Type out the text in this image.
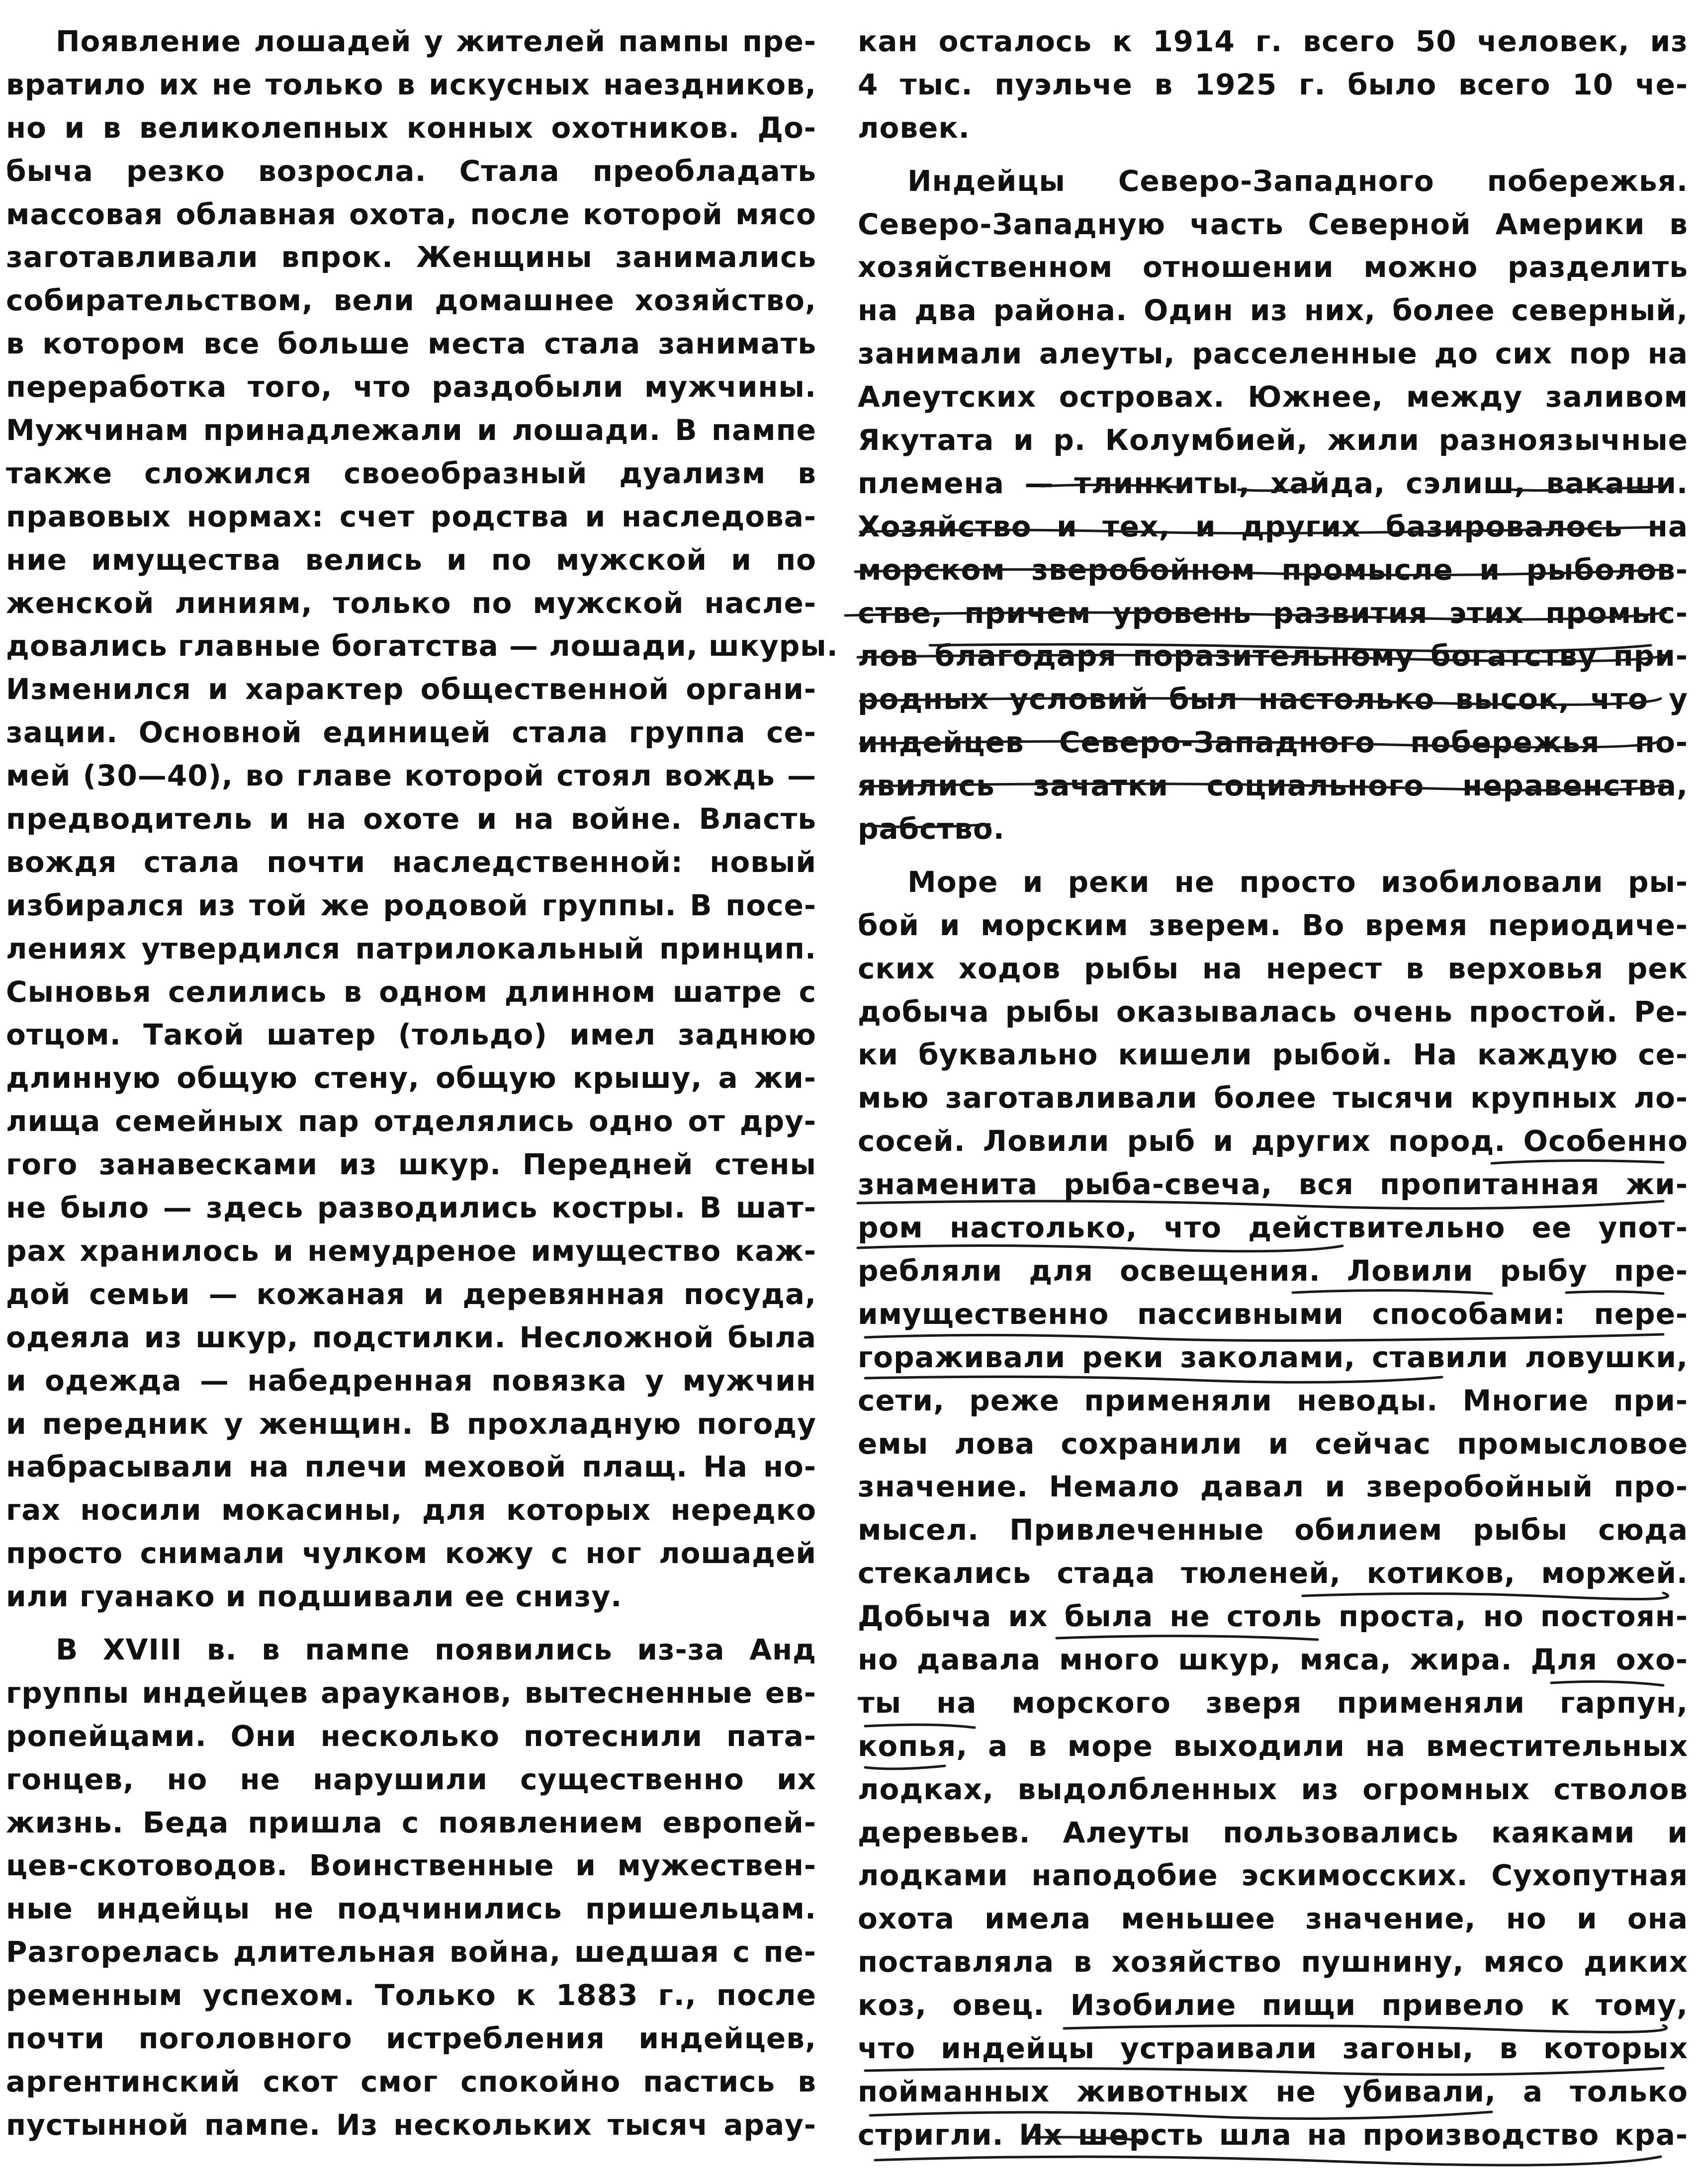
Появление лошадей у жителей пампы пре-
вратило их не только в искусных наездников,
но и в великолепных конных охотников. До-
быча резко возросла. Стала преобладать
массовая облавная охота, после которой мясо
заготавливали впрок. Женщины занимались
собирательством, вели домашнее хозяйство,
в котором все больше места стала занимать
переработка того, что раздобыли мужчины.
Мужчинам принадлежали и лошади. В пампе
также сложился своеобразный дуализм в
правовых нормах: счет родства и наследова-
ние имущества велись и по мужской и по
женской линиям, только по мужской насле-
довались главные богатства — лошади, шкуры.
Изменился и характер общественной органи-
зации. Основной единицей стала группа се-
мей (30—40), во главе которой стоял вождь —
предводитель и на охоте и на войне. Власть
вождя стала почти наследственной: новый
избирался из той же родовой группы. В посе-
лениях утвердился патрилокальный принцип.
Сыновья селились в одном длинном шатре с
отцом. Такой шатер (тольдо) имел заднюю
длинную общую стену, общую крышу, а жи-
лища семейных пар отделялись одно от дру-
гого занавесками из шкур. Передней стены
не было — здесь разводились костры. В шат-
рах хранилось и немудреное имущество каж-
дой семьи — кожаная и деревянная посуда,
одеяла из шкур, подстилки. Несложной была
и одежда — набедренная повязка у мужчин
и передник у женщин. В прохладную погоду
набрасывали на плечи меховой плащ. На но-
гах носили мокасины, для которых нередко
просто снимали чулком кожу с ног лошадей
или гуанако и подшивали ее снизу.
В XVIII в. в пампе появились из-за Анд
группы индейцев арауканов, вытесненные ев-
ропейцами. Они несколько потеснили пата-
гонцев, но не нарушили существенно их
жизнь. Беда пришла с появлением европей-
цев-скотоводов. Воинственные и мужествен-
ные индейцы не подчинились пришельцам.
Разгорелась длительная война, шедшая с пе-
ременным успехом. Только к 1883 г., после
почти поголовного истребления индейцев,
аргентинский скот смог спокойно пастись в
пустынной пампе. Из нескольких тысяч арау-
кан осталось к 1914 г. всего 50 человек, из
4 тыс. пуэльче в 1925 г. было всего 10 че-
ловек.
Индейцы Северо-Западного побережья.
Северо-Западную часть Северной Америки в
хозяйственном отношении можно разделить
на два района. Один из них, более северный,
занимали алеуты, расселенные до сих пор на
Алеутских островах. Южнее, между заливом
Якутата и р. Колумбией, жили разноязычные
племена — тлинкиты, хайда, сэлиш, вакаши.
Хозяйство и тех, и других базировалось на
морском зверобойном промысле и рыболов-
стве, причем уровень развития этих промыс-
лов благодаря поразительному богатству при-
родных условий был настолько высок, что у
индейцев Северо-Западного побережья по-
явились зачатки социального неравенства,
рабство.
Море и реки не просто изобиловали ры-
бой и морским зверем. Во время периодиче-
ских ходов рыбы на нерест в верховья рек
добыча рыбы оказывалась очень простой. Ре-
ки буквально кишели рыбой. На каждую се-
мью заготавливали более тысячи крупных ло-
сосей. Ловили рыб и других пород. Особенно
знаменита рыба-свеча, вся пропитанная жи-
ром настолько, что действительно ее упот-
ребляли для освещения. Ловили рыбу пре-
имущественно пассивными способами: пере-
гораживали реки заколами, ставили ловушки,
сети, реже применяли неводы. Многие при-
емы лова сохранили и сейчас промысловое
значение. Немало давал и зверобойный про-
мысел. Привлеченные обилием рыбы сюда
стекались стада тюленей, котиков, моржей.
Добыча их была не столь проста, но постоян-
но давала много шкур, мяса, жира. Для охо-
ты на морского зверя применяли гарпун,
копья, а в море выходили на вместительных
лодках, выдолбленных из огромных стволов
деревьев. Алеуты пользовались каяками и
лодками наподобие эскимосских. Сухопутная
охота имела меньшее значение, но и она
поставляла в хозяйство пушнину, мясо диких
коз, овец. Изобилие пищи привело к тому,
что индейцы устраивали загоны, в которых
пойманных животных не убивали, а только
стригли. Их шерсть шла на производство кра-
